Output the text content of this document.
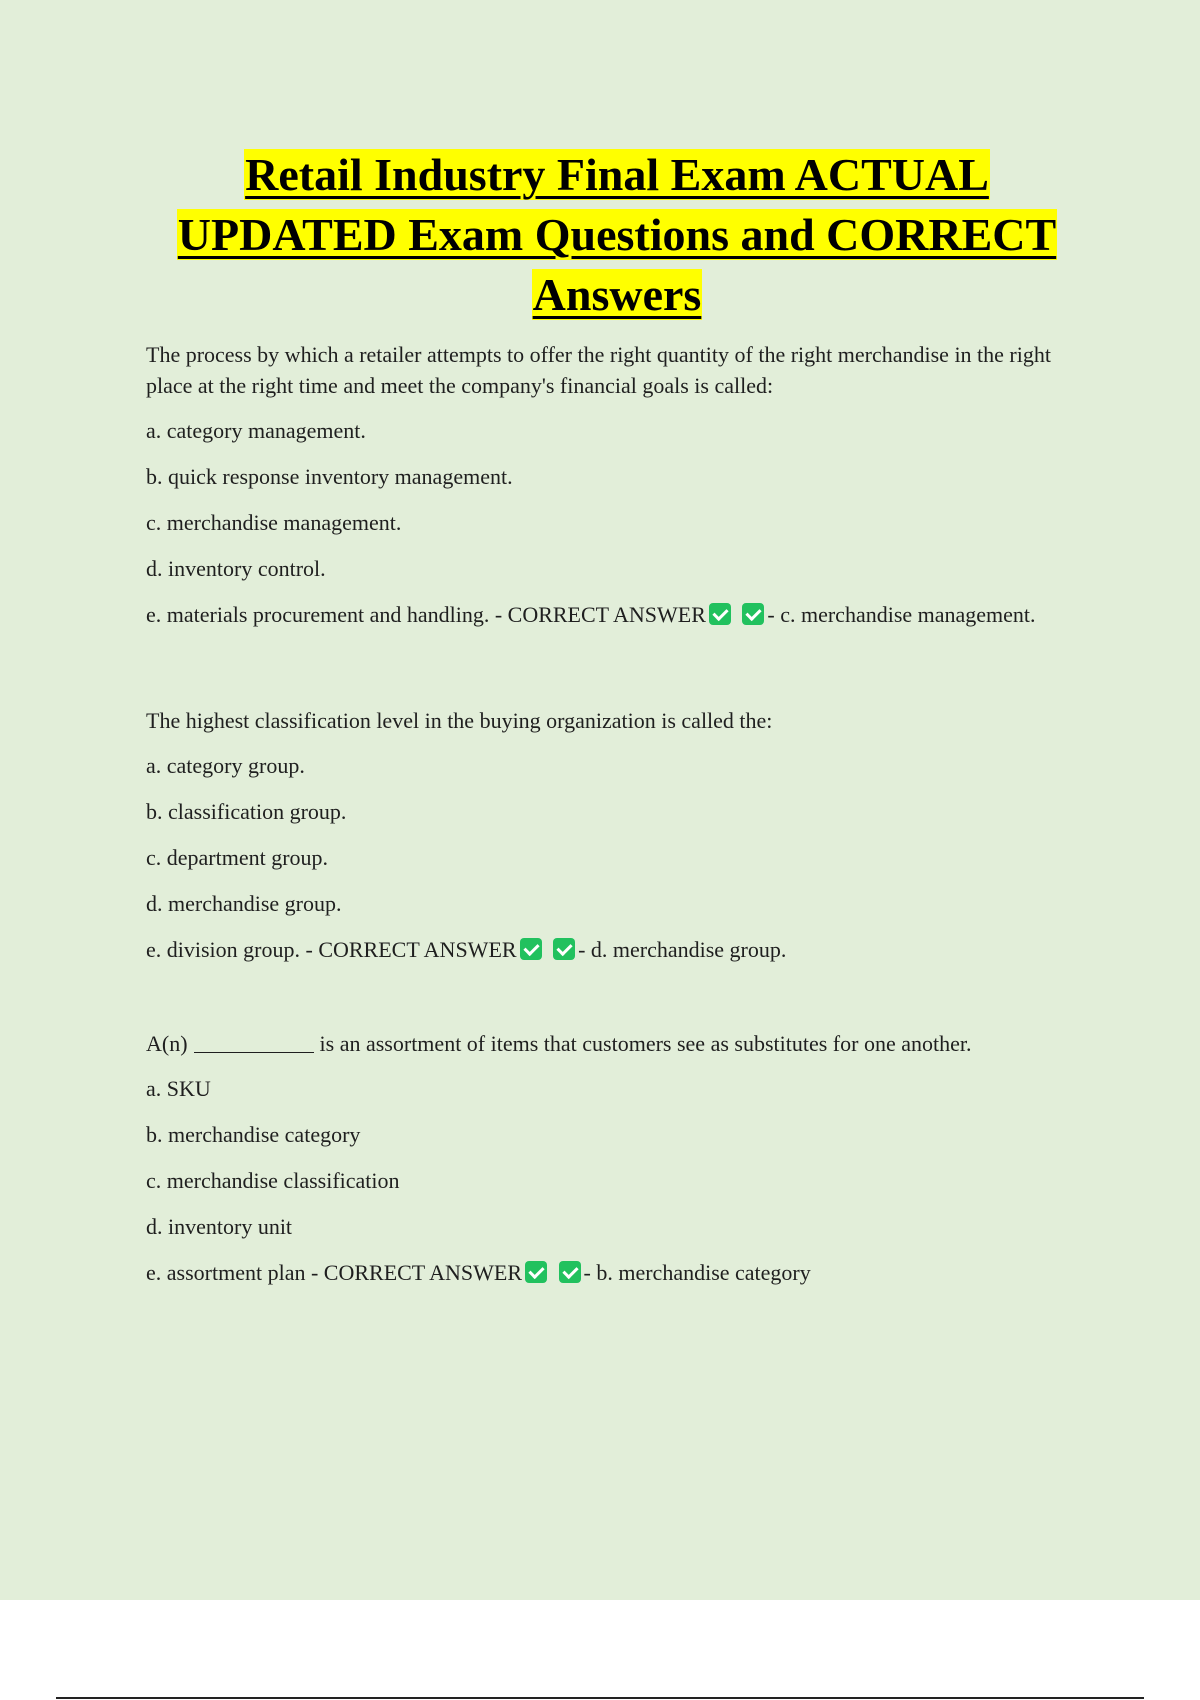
Retail Industry Final Exam ACTUAL
UPDATED Exam Questions and CORRECT
Answers

The process by which a retailer attempts to offer the right quantity of the right merchandise in the right place at the right time and meet the company's financial goals is called:

a. category management.

b. quick response inventory management.

c. merchandise management.

d. inventory control.

e. materials procurement and handling. - CORRECT ANSWER	- c. merchandise management.

The highest classification level in the buying organization is called the:

a. category group.

b. classification group.

c. department group.

d. merchandise group.

e. division group. - CORRECT ANSWER	- d. merchandise group.

A(n)	is an assortment of items that customers see as substitutes for one another.

a. SKU

b. merchandise category

c. merchandise classification

d. inventory unit

e. assortment plan - CORRECT ANSWER	- b. merchandise category
